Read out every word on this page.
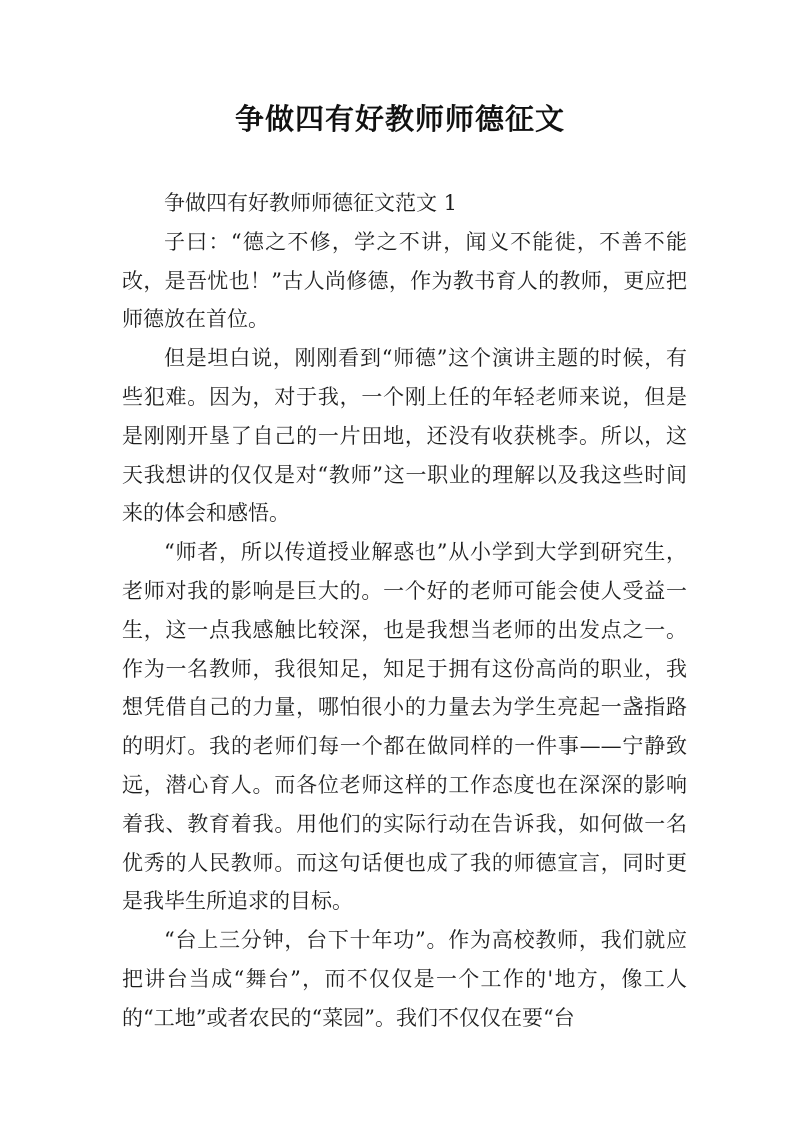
争做四有好教师师德征文

争做四有好教师师德征文范文 1

子曰：“德之不修，学之不讲，闻义不能徙，不善不能改，是吾忧也！”古人尚修德，作为教书育人的教师，更应把师德放在首位。

但是坦白说，刚刚看到“师德”这个演讲主题的时候，有些犯难。因为，对于我，一个刚上任的年轻老师来说，但是是刚刚开垦了自己的一片田地，还没有收获桃李。所以，这天我想讲的仅仅是对“教师”这一职业的理解以及我这些时间来的体会和感悟。

“师者，所以传道授业解惑也”从小学到大学到研究生，老师对我的影响是巨大的。一个好的老师可能会使人受益一生，这一点我感触比较深，也是我想当老师的出发点之一。作为一名教师，我很知足，知足于拥有这份高尚的职业，我想凭借自己的力量，哪怕很小的力量去为学生亮起一盏指路的明灯。我的老师们每一个都在做同样的一件事——宁静致远，潜心育人。而各位老师这样的工作态度也在深深的影响着我、教育着我。用他们的实际行动在告诉我，如何做一名优秀的人民教师。而这句话便也成了我的师德宣言，同时更是我毕生所追求的目标。

“台上三分钟，台下十年功”。作为高校教师，我们就应把讲台当成“舞台”，而不仅仅是一个工作的'地方，像工人的“工地”或者农民的“菜园”。我们不仅仅在要“台
